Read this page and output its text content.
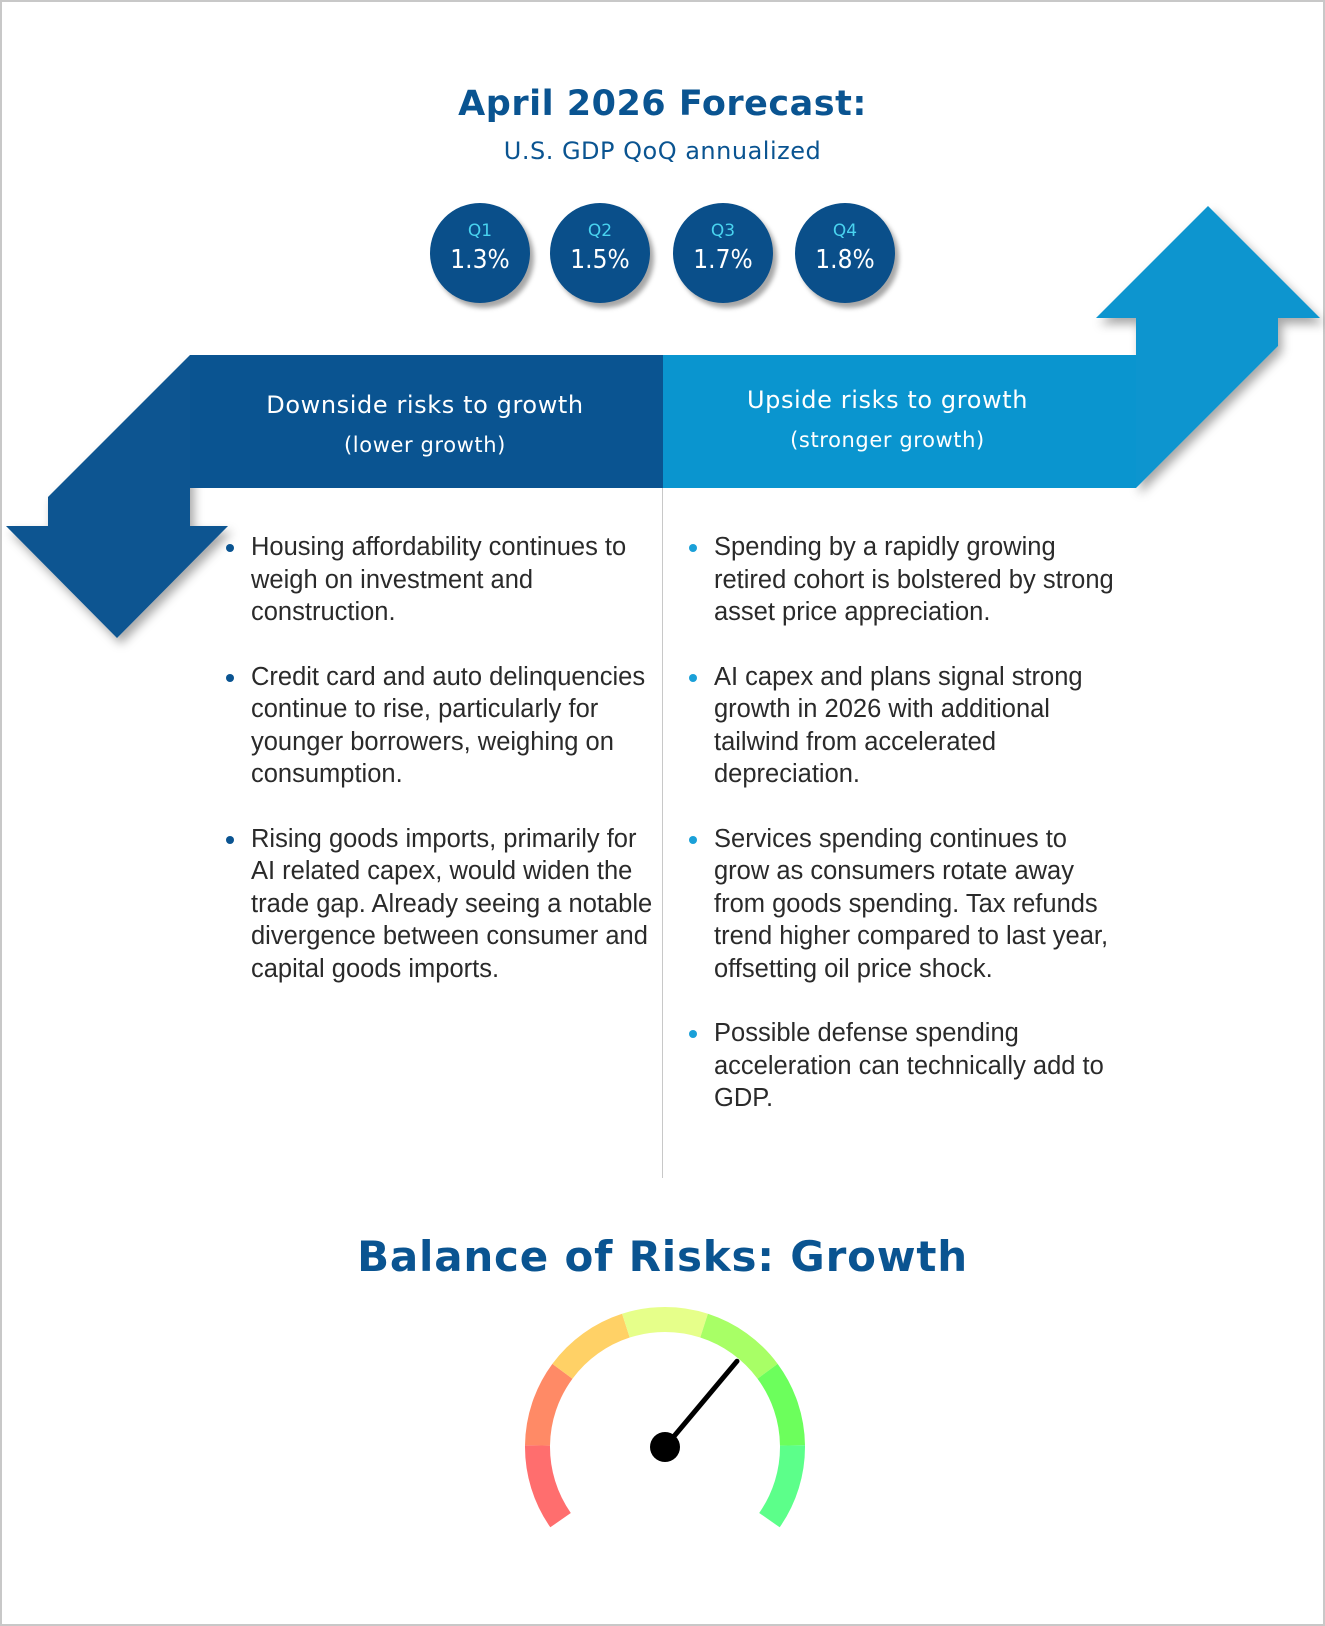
April 2026 Forecast:
U.S. GDP QoQ annualized
Q1
1.3%
Q2
1.5%
Q3
1.7%
Q4
1.8%
Downside risks to growth
(lower growth)
Upside risks to growth
(stronger growth)
Housing affordability continues to weigh on investment and construction.
Credit card and auto delinquencies continue to rise, particularly for younger borrowers, weighing on consumption.
Rising goods imports, primarily for AI related capex, would widen the trade gap. Already seeing a notable divergence between consumer and capital goods imports.
Spending by a rapidly growing retired cohort is bolstered by strong asset price appreciation.
AI capex and plans signal strong growth in 2026 with additional tailwind from accelerated depreciation.
Services spending continues to grow as consumers rotate away from goods spending. Tax refunds trend higher compared to last year, offsetting oil price shock.
Possible defense spending acceleration can technically add to GDP.
Balance of Risks: Growth
